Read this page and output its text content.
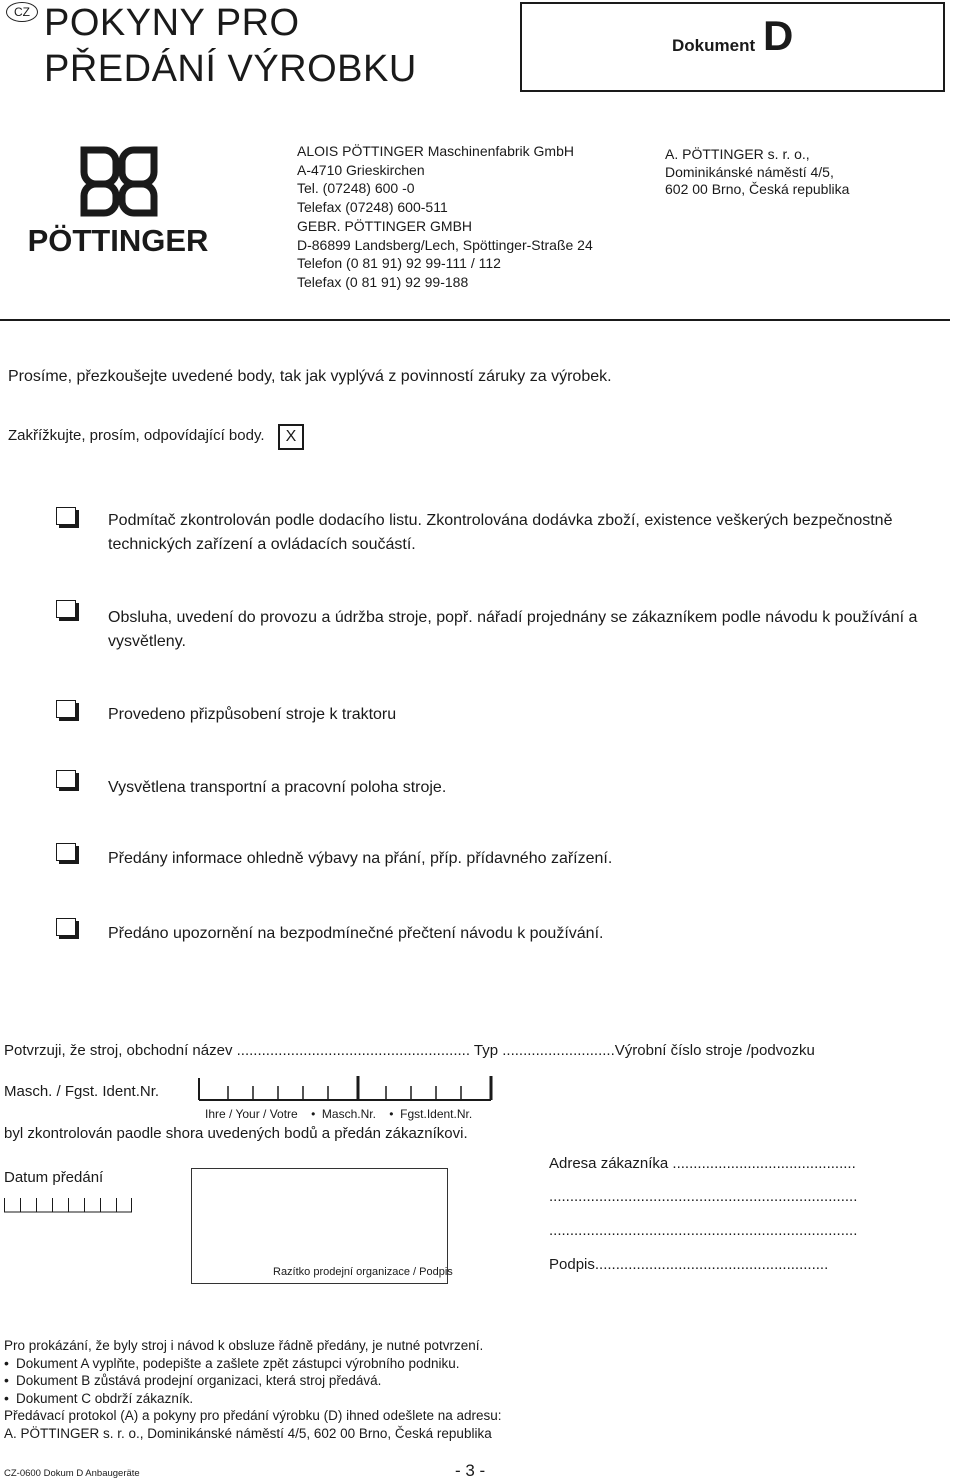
CZ POKYNY PRO
PŘEDÁNÍ VÝROBKU
Dokument D
PÖTTINGER
ALOIS PÖTTINGER Maschinenfabrik GmbH
A-4710 Grieskirchen
Tel. (07248) 600 -0
Telefax (07248) 600-511
GEBR. PÖTTINGER GMBH
D-86899 Landsberg/Lech, Spöttinger-Straße 24
Telefon (0 81 91) 92 99-111 / 112
Telefax (0 81 91) 92 99-188
A. PÖTTINGER s. r. o.,
Dominikánské náměstí 4/5,
602 00 Brno, Česká republika
Prosíme, přezkoušejte uvedené body, tak jak vyplývá z povinností záruky za výrobek.
Zakřížkujte, prosím, odpovídající body.	X
Podmítač zkontrolován podle dodacího listu. Zkontrolována dodávka zboží, existence veškerých bezpečnostně
technických zařízení a ovládacích součástí.
Obsluha, uvedení do provozu a údržba stroje, popř. nářadí projednány se zákazníkem podle návodu k používání a
vysvětleny.
Provedeno přizpůsobení stroje k traktoru
Vysvětlena transportní a pracovní poloha stroje.
Předány informace ohledně výbavy na přání, příp. přídavného zařízení.
Předáno upozornění na bezpodmínečné přečtení návodu k používání.
Potvrzuji, že stroj, obchodní název ........................................................ Typ ...........................Výrobní číslo stroje /podvozku
Masch. / Fgst. Ident.Nr.
Ihre / Your / Votre    •  Masch.Nr.    •  Fgst.Ident.Nr.
byl zkontrolován paodle shora uvedených bodů a předán zákazníkovi.
Datum předání
Razítko prodejní organizace / Podpis
Adresa zákazníka ............................................
..........................................................................
..........................................................................
Podpis........................................................
Pro prokázání, že byly stroj i návod k obsluze řádně předány, je nutné potvrzení.
• Dokument A vyplňte, podepište a zašlete zpět zástupci výrobního podniku.
• Dokument B zůstává prodejní organizaci, která stroj předává.
• Dokument C obdrží zákazník.
Předávací protokol (A) a pokyny pro předání výrobku (D) ihned odešlete na adresu:
A. PÖTTINGER s. r. o., Dominikánské náměstí 4/5, 602 00 Brno, Česká republika
CZ-0600 Dokum D Anbaugeräte	- 3 -
